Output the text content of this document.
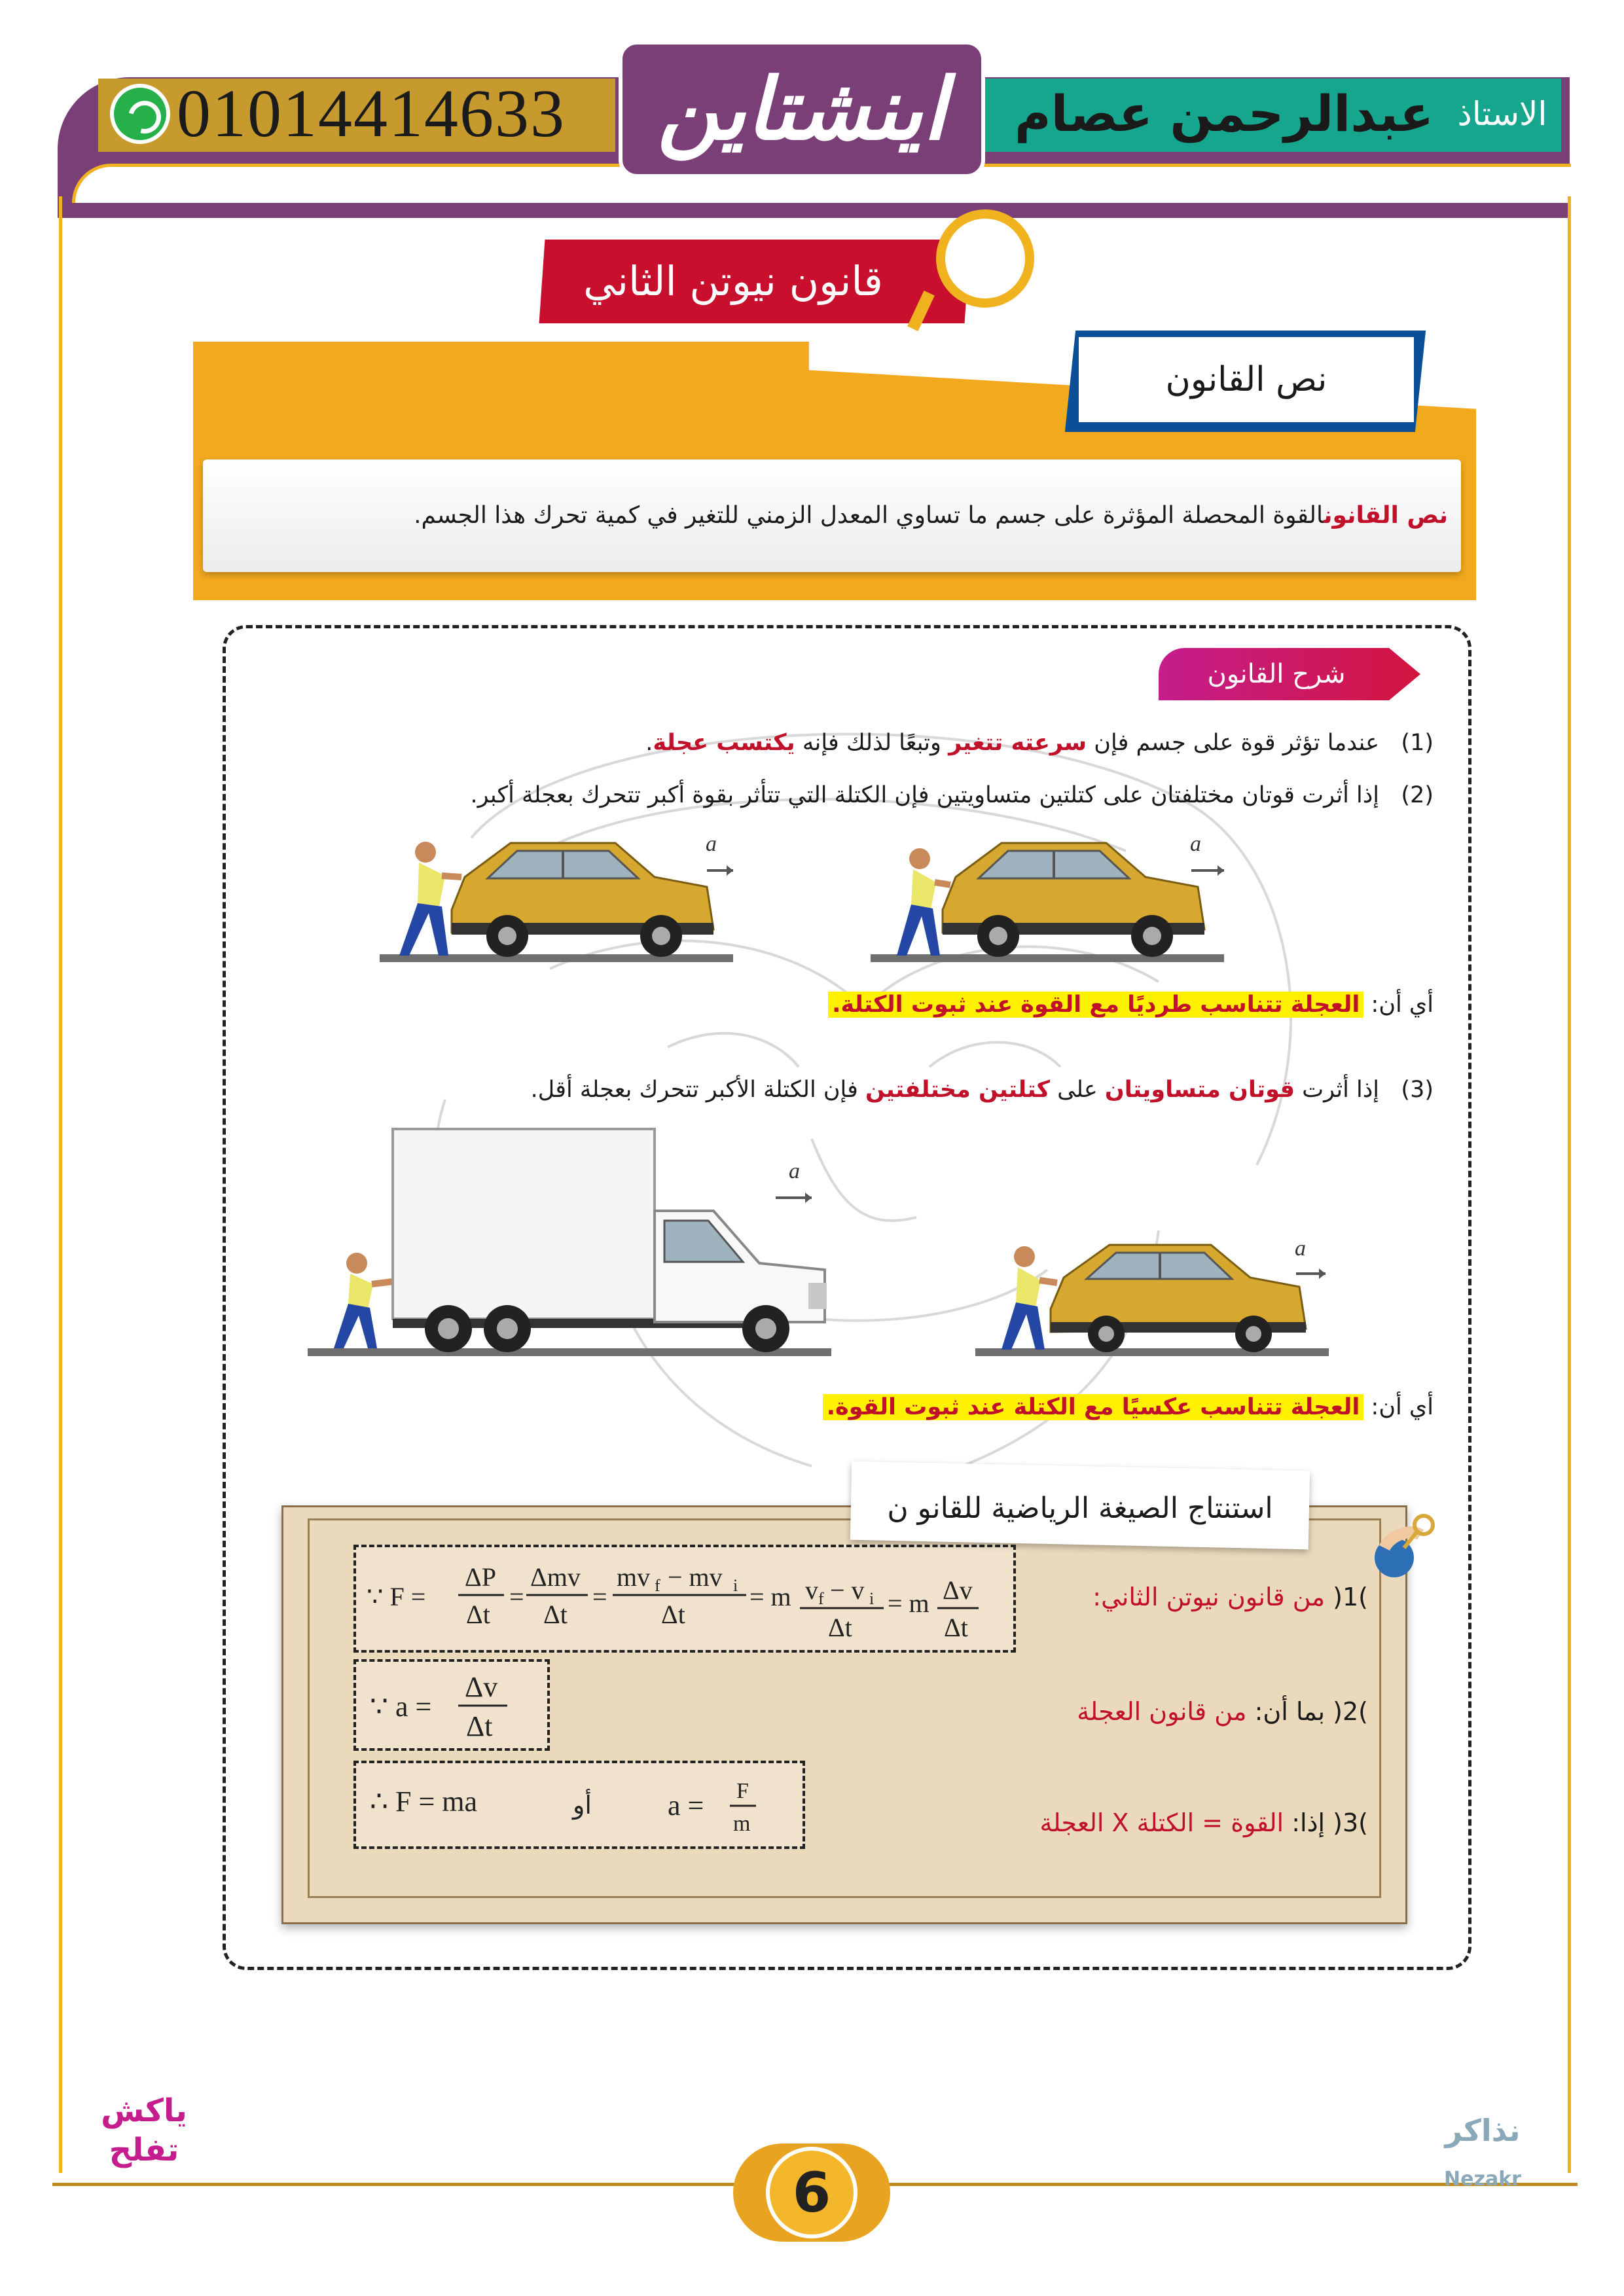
01014414633	عبدالرحمن عصام الاستاذ
اينشتاين
قانون نيوتن الثاني
نص القانون
نص القانونالقوة المحصلة المؤثرة على جسم ما تساوي المعدل الزمني للتغير في كمية تحرك هذا الجسم.
شرح القانون
(1)   عندما تؤثر قوة على جسم فإن سرعته تتغير وتبعًا لذلك فإنه يكتسب عجلة.
(2)   إذا أثرت قوتان مختلفتان على كتلتين متساويتين فإن الكتلة التي تتأثر بقوة أكبر تتحرك بعجلة أكبر.
a	a
أي أن: العجلة تتناسب طرديًا مع القوة عند ثبوت الكتلة.
(3)   إذا أثرت قوتان متساويتان على كتلتين مختلفتين فإن الكتلة الأكبر تتحرك بعجلة أقل.
a
a
أي أن: العجلة تتناسب عكسيًا مع الكتلة عند ثبوت القوة.
استنتاج الصيغة الرياضية للقانو ن
∵ F =
ΔP
Δt
=
Δmv
Δt
=
mv f − mv i
Δt
= m v f − v i
Δt
= m Δv
Δt
)1( من قانون نيوتن الثاني:
∵ a =
Δv
Δt	)2( بما أن: من قانون العجلة
∴ F = ma	a = F
m
أو
)3( إذا: القوة = الكتلة X العجلة
6
ياكش تفلح
نذاكر
Nezakr
